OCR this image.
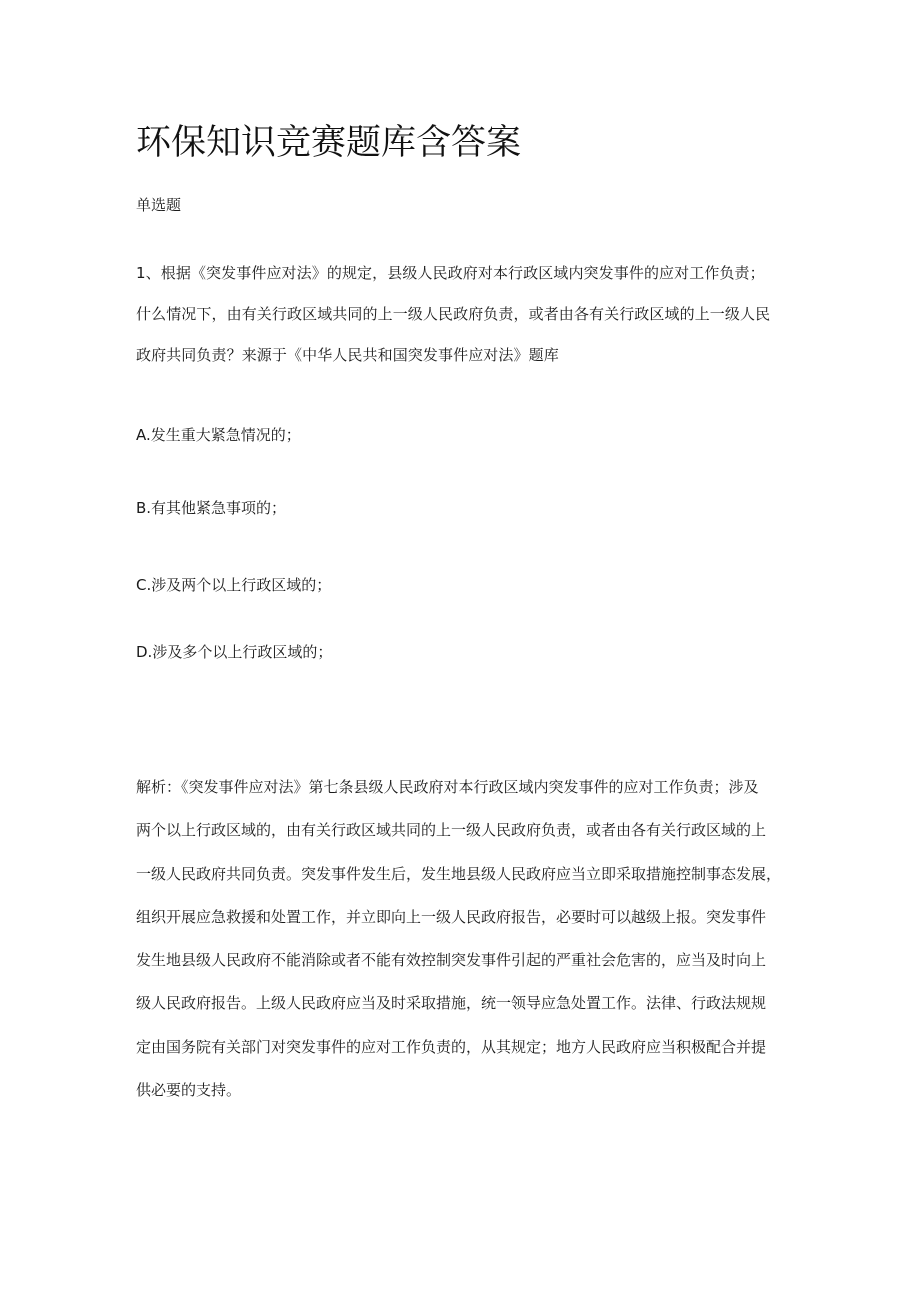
环保知识竞赛题库含答案

单选题

1、根据《突发事件应对法》的规定，县级人民政府对本行政区域内突发事件的应对工作负责；
什么情况下，由有关行政区域共同的上一级人民政府负责，或者由各有关行政区域的上一级人民
政府共同负责？来源于《中华人民共和国突发事件应对法》题库

A.发生重大紧急情况的；

B.有其他紧急事项的；

C.涉及两个以上行政区域的；

D.涉及多个以上行政区域的；

解析：《突发事件应对法》第七条县级人民政府对本行政区域内突发事件的应对工作负责；涉及
两个以上行政区域的，由有关行政区域共同的上一级人民政府负责，或者由各有关行政区域的上
一级人民政府共同负责。突发事件发生后，发生地县级人民政府应当立即采取措施控制事态发展，
组织开展应急救援和处置工作，并立即向上一级人民政府报告，必要时可以越级上报。突发事件
发生地县级人民政府不能消除或者不能有效控制突发事件引起的严重社会危害的，应当及时向上
级人民政府报告。上级人民政府应当及时采取措施，统一领导应急处置工作。法律、行政法规规
定由国务院有关部门对突发事件的应对工作负责的，从其规定；地方人民政府应当积极配合并提
供必要的支持。
